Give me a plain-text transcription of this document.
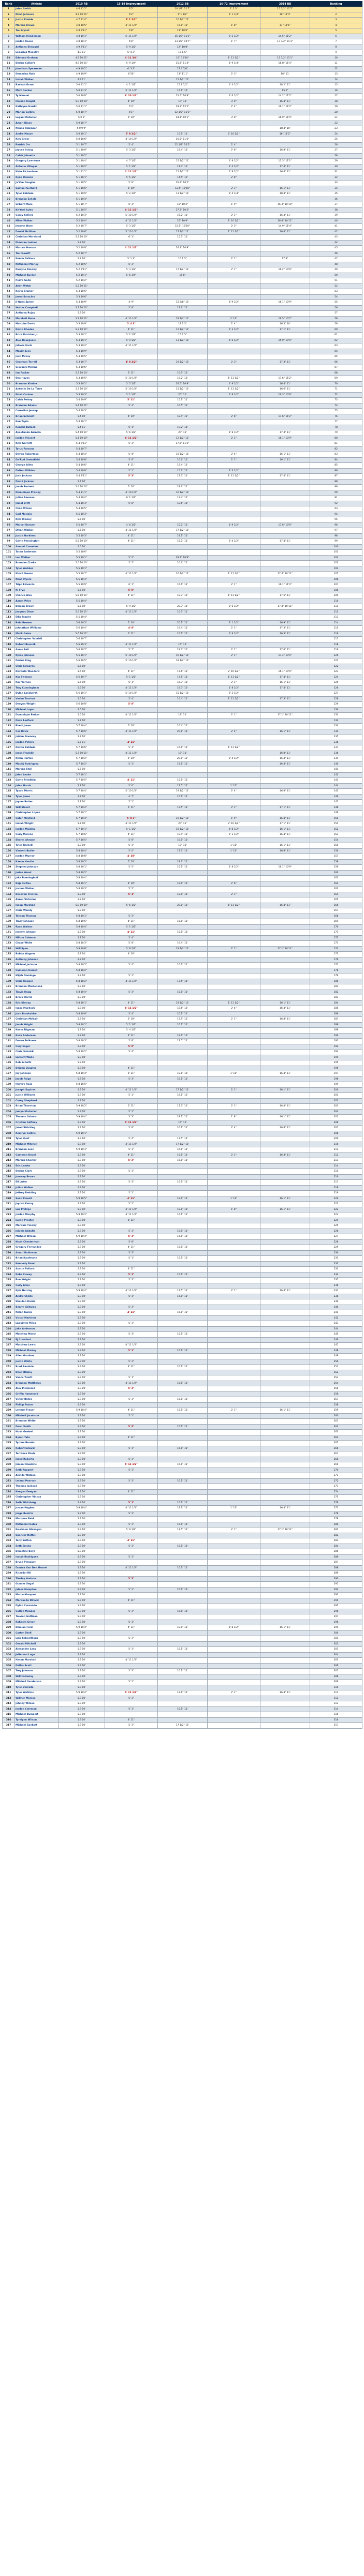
Rank	Athlete	2010 RB	15-19 Improvement	2012 BB	16-72 Improvement	2014 BB	Ranking
1	Jalen Smith	4.6 11'2"	6'5"	10 1/2" 11'7"	1' 2 3"	15 1/2" 11'7"	1
2	Noah Johnson	4.7 10'11"	6'2"	1' 1 1/2"	1' 1 1/4"	16" 11'4"	2
3	Justin Kimble	4.7 11'4"	6' 1 1/2"	10 1/2" 11'			3
4	Marcus Brown	4.8 10'5"	4' 11 1/2"	15.1" 11'	1' 8"	17" 11'1"	4
5	Tre Bryant	4.8 9'11"	5'8"	13" 10'9"			5
6	William Henderson	4.8 10'1"	5' 11 1/2"	15 1/2" 11'1"	2' 2 1/2"	14.5" 11'2"	6
7	Jordan Reese	4.8 10'3"	6'4"	13 1/2" 10'7"	1' 7"	17 1/2" 11'3"	7
8	Anthony Shepard	4.9 9'11"	5' 9 1/2"	12" 10'8"			8
9	Legarius Moseley	4.9 11'	5' 4 3"	17 1.5"			9
10	Edmund Graham	4.9 10'11"	4' 11 3/4"	16" 10'10"	1' 11 1/2"	15 1/2" 11'1"	10
11	Darius Colbert	4.9 10'11"	5' 9 1/4"	15.5" 11'4"	1' 9 1/4"	16.8" 11'4"	11
12	Jonathan Spearman	4.9 10'2"	6' 3 3"	17 6 7/8"			12
13	Demarius Ruiz	4.9 10'9"	6'10"	13" 11'1"	2' 3"	16" 11'	13
14	Isaiah Walker	4.9 11'		11 1/2" 11'			14
15	Rashad Grant	5.0 11'1"	4' 1 1/2"	15 8 1/2"	1' 4 1/2"	18.2" 11'	15
16	Matt Decker	5.0 11'3"	5' 11 1/2"	15.1" 11'		15.1"	16
17	Ty Manuel	5.0 10'8"	6' 10 1/2"	15.5" 10'8"	1' 6 1/2"	14.2" 11'2"	17
18	Hassan Knight	5.0 10'10"	4' 10"	10" 11'	3' 0"	16.4" 11'	18
19	Kathlyne Hardin	5.0 11'1"	5'3"	19.2" 12'2"	2' 4"	16.1" 11'2"	19
20	Marlon Collins	5.0 10'7"	6'1"	12 1/2" 11'1"			20
21	Logan Mcdaniel	5.0 9'	5' 10"	18.1" 10'1"	3' 0"	16.9" 11'9"	21
22	Amari Dixon	5.0 10'7"					22
23	Nenna Robinson	5.0 9'9"				18.4" 10'	23
24	Andre Mason	5.0 10'1"	5' 9 1/2"	16.1" 11'	2' 10 1/2"	16" 11'2"	24
25	Kirk Greer	5.0 10'6"	4' 10 1/2"	16.5" 11'5"			25
26	Patrick Orr	5.1 10'7"	5' 4"	12 1/2" 10'5"	2' 4"		26
27	Jaycee Irving	5.1 10'0"	5' 3 1/2"	18.4" 11'	2' 6"	16.8" 11'	27
28	Caleb Johnette	5.1 10'2"					28
29	Gregory Lawrence	5.1 10'4"	4' 7 1/2"	15 1/2" 11'	1' 9 1/2"	15.3" 11'1"	29
30	Antonio Villegas	5.1 10'2"	5' 1 1/2"	11.4" 11'	1' 4 1/2"	17.4" 11'	30
31	Nate Richardson	5.1 11'1"	4' 11 1/2"	11 1/2" 11'	1' 9 1/2"	16.4" 11'	31
32	Ryan Daniels	5.1 10'1"	5' 5 1/2"	14.5" 11'	2' 8"		32
33	Ja'Von Douglas	5.1 10'5"	5' 9"	16.2" 10'2"			33
34	Samuel Gerhard	5.1 10'6"	5' 10"	12.5" 10'10"	2' 1"	16.1" 11'	34
35	Tyler Baldwin	5.1 10'9"	5' 2 1/4"	13 1/2" 11'	2' 4 1/4"	18.4" 11'	35
36	Brandon Echols	5.1 10'4"					36
37	Gilbert Mace	5.1 10'7"	6' 1"	16" 10'2"	1' 9"	15.3" 10'10"	37
38	Ke'Yoal Lyles	5.1 10'5"	4' 11 1/2"	17.2" 10'2"			38
39	Corey Sellers	5.2 10'3"	5' 10 1/2"	16.2" 11'	2' 1"	16.4" 11'	39
40	Miles Walker	5.2 10'4"	4' 11 1/2"	16" 10'9"	1' 10 1/2"	16.8" 10'11"	40
41	Jerome Ware	5.2 10'7"	5' 3 1/2"	15.5" 10'10"	2' 3"	14.9" 11'4"	41
42	Daniel McGlinn	5.2 10'6"	5' 10 1/2"	17 1/2" 11'	1' 11 1/2"	16.8" 11'	42
43	Christian Moreland	5.2 10'10"	6' 1"	15.5" 11'			43
44	Dimarae Ledner	5.2 10'					44
45	Marcus Hanson	5.2 10'8"	4' 11 1/2"	16.3" 10'9"			45
46	Tre Prewitt	5.2 10'7"					46
47	Kenon DeVaux	5.2 10'	5' 1 3"	16 1.5"	2' 1"	17.9"	47
48	Nathaniel Morley	5.2 10'5"	6' 3"				48
49	Dwayne Kinsley	5.2 9'11"	5' 3 1/2"	17 1/2" 11'	2' 1"	16.2" 10'9"	49
50	Michael Burden	5.2 10'1"	5' 6 3/4"	15 8"			50
51	Pedro Gallo	5.2 10'2"					51
52	Allen Webb	5.2 10'11"					52
53	Kevin Cramer	5.3 10'6"					53
54	Jared Saracino	5.3 10'6"					54
55	Ji'Ques Spiron	5.3 10'9"	4' 9"	15 5/8" 11'	1' 9 1/2"	16.1" 10'9"	55
56	Walter Campbell	5.3 10'10"	5' 8"	17.6" 11'			56
57	Anthony Rojas	5.3 10'					57
58	Marshall Nunn	5.3 10'11"	4' 11 1/2"	18 1/2" 11'	2' 11"	16.5" 10'7"	58
59	Malcolm Davis	5.3 10'9"	5' 4 3"	18 2.5"	2' 4"	16.5" 10'	59
60	Devin Rhodes	5.3 10'11"	4' 11"	12 1/2" 11'	2' 3 1/2"	17.1" 11'	60
61	Brice Pratcher Jr.	5.3 10'1"	5' 1 1/2"	15 2.5"			61
62	Alex Bourgeois	5.3 10'1"	5' 9 1/2"	13 1/2" 11'	1' 6 1/2"	15.9" 10'4"	62
63	Jatavis Earls	5.3 10'4"	4' 11 1/2"				63
64	Maxim Ives	5.3 10'9"					64
65	Josh Mccoy	5.3 10'5"					65
66	Chatman Terrell	5.3 10'7"	4' 8 1/2"	18 1/2" 11'	2' 3"	17.3" 11'	66
67	Giovanni Merino	5.3 10'6"					67
68	Ian Packer	5.3 10'10"	5' 11"	16.5" 11'			68
69	Dax Hayes	5.3 10'5"	5' 10 1/2"	18.2" 11'	1' 11 1/2"	17.6" 11'2"	69
70	Brandon Kimble	5.3 10'1"	5' 5 1/2"	16.5" 10'9"	1' 9 1/2"	16.4" 11'	70
71	Antonio De La Torre	5.3 10'10"	5' 10 1/2"	15 1/2" 11'	1' 11 1/2"	16.6" 11'	71
72	Noah Carlson	5.3 10'3"	5' 1 1/2"	20" 11'	1' 8 1/2"	16.3" 10'9"	72
73	Caleb Fettey	5.4 10'9"	5' 11"	15.1" 11'			73
74	Brandon Adams	5.4 10'11"	5' 3"	16.5" 11'			74
75	Cornelius Jessup	5.4 10'3"					75
76	Brian Schmidt	5.4 10'	4' 10"	18.4" 11'	2' 6"	17.6" 11'2"	76
77	Ken Tapia	5.4 10'1"					77
78	Ronald Bullock	5.4 11'	6' 1"	19.2" 11'			78
79	Ayoutunde Akinola	5.4 10'11"	5' 6 1/2"	20" 11'	1' 8 1/2"	17.4" 11'	79
80	Jordan Vincent	5.4 10'10"	4' 11 1/2"	12 1/2" 11'	2' 1"	16.1" 10'9"	80
81	Kyle Garrett	5.4 9'11"	5' 3"	17.5" 11'2"			81
82	Tyrus Parsons	5.4 10'7"					82
83	Devon Robertson	5.4 10'4"	5' 4"	18 1/2" 11'	2' 4"	16.1" 11'	83
84	Da'Rod Greenfield	5.4 10'8"	5' 6"	16.6" 11'	2' 1"	16.1" 11'	84
85	George Allen	5.4 10'6"	4' 11"	19.4" 11'			85
86	Dalton Wilkins	5.4 10'8"	5' 1"	15.2" 11'	2' 3 1/2"		86
87	Josh Jackson	5.4 9'11"	5' 3"	17.5" 11'	1' 11 1/2"	17.4" 11'	87
88	David Jackson	5.4 10'					88
89	Jacob Rockett	5.4 10'10"	5' 10"	18.6" 11'			89
90	Dominique Presley	5.4 11'1"	4' 10 1/2"	16 1/2" 11'			90
91	Julian Ramson	5.4 10'4"	6' 1 1/2"	12.4" 11'			91
92	Jamal Britt	5.4 10'3"	5' 8"	18.6" 11'			92
93	Chad Wilson	5.4 10'5"					93
94	Carl Mcclain	5.5 10'3"					94
95	Kyle Wesley	5.5 10'					95
96	Marcel Dorsey	5.5 10'7"	4' 8 1/2"	15.2" 11'	1' 9 1/2"	17.6" 10'9"	96
97	Ethan Walker	5.5 10'	4' 11 1/2"	17 1/2" 11'			97
98	Justin Harkless	5.5 10'3"	4' 11"	18.1" 11'			98
99	Gavin Pennington	5.5 10'10"	4' 11"	18.2" 11'	2' 4 1/2"	17.4" 11'	99
100	Amauri Cummins	5.5 10'					100
101	Taten Anderson	5.5 10'6"					101
102	Leo Walker	5.5 10'1"	5' 2"	18.1" 10'8"			102
103	Brenden Clarke	5.5 10'10"	5' 5"	16.6" 11'			103
104	Tyler Webber	5.5 10'1"					104
105	Khalil Owens	5.5 10'7"	4' 11 1/2"	16 1/2" 11'	1' 11 1/2"	17.4" 10'11"	105
106	Noah Myers	5.5 10'3"					106
107	Tripp Edwards	5.5 10'9"	6' 1"	16.6" 11'	2' 1"	16.1" 11'4"	107
108	RJ Frye	5.5 10'	5' 8"				108
109	Chance Alex	5.5 10'11"	4' 11"	18.7" 11'	1' 11 1/2"	17.6" 11'	109
110	Aaron Price	5.5 10'4"					110
111	Damon Brown	5.5 10'	5' 9 1/2"	20.3" 11'	2' 6 1/2"	17.4" 10'11"	111
112	Jacques Dixon	5.5 10'11"	4' 11 1/2"	16.5" 11'			112
113	Ellis Frazier	5.5 10'4"					113
114	Reid Brewer	5.6 10'3"	5' 10"	20.1" 11'	2' 1 1/2"	16.9" 11'	114
115	Johnathon Williams	5.6 10'4"	4' 8"	19.4" 11'	2' 1"	17.3" 11'	115
116	Malik Gates	5.6 10'11"	5' 11"	16.1" 11'	1' 9 1/2"	16.3" 11'	116
117	Christopher Vaudell	5.6 10'7"					117
118	Robert Bresnik	5.6 10'3"	4' 11 1/2"	16" 11'			118
119	Amos Bell	5.6 10'7"	5' 7"	18.3" 11'	2' 1"	17.6" 11'	119
120	Kyrse Johnson	5.6 10'1"	5' 10 1/2"	16 1/2" 11'	2' 1"	17.4" 10'9"	120
121	Darius King	5.6 10'5"	5' 10 1/2"	18 1/2" 11'			121
122	Chris Edwards	5.6 10'					122
123	Devonta Woodard	5.6 10'	4' 11"	17.6" 11'	2' 10 1/2"	16.1" 10'9"	123
124	Kip Swinson	5.6 10'7"	5' 1 1/2"	17.5" 11'	1' 11 1/2"	17.4" 11'	124
125	Ray Vernon	5.6 10'	5' 1"	16.7" 11'	2' 1"	16.1" 11'	125
126	Troy Cunningham	5.6 10'	4' 11 1/2"	18.3" 11'	1' 8 1/2"	17.4" 11'	126
127	Dylan Landwirth	5.6 10'1"	5' 10 1/2"	15 1/2" 11'	2' 3 1/2"		127
128	Vaden Trochak	5.6 10'	5' 4"	16.4" 11'	1' 11 1/2"	17.3" 11'	128
129	Deeyon Wright	5.6 10'8"	5' 8"				129
130	Michael Lopez	5.6 10'					130
131	Dominique Parker	5.6 10'	4' 11 1/2"	18" 11'	2' 1"	17.1" 10'11"	131
132	Dave Ledford	5.7 10'					132
133	Rhett Jones	5.7 10'4"	5' 10"	16.4" 11'			133
134	Cor Davis	5.7 10'6"	4' 11 1/2"	20.1" 11'	2' 4"	16.1" 11'	134
135	Jaiden Premroy	5.7 10'					135
136	Jordan Peters	5.7 11'	4' 11"				136
137	Devon Baldwin	5.7 10'6"	5' 3"	16.1" 11'	1' 11 1/2"		137
138	Jaron Franklin	5.7 10'11"	4' 11 1/2"	18" 11'		16.8" 11'	138
139	Kylan Horton	5.7 10'2"	5' 10"	20.1" 11'	2' 4 1/2"	16.4" 11'	139
140	Maciej Rodriguez	5.7 10'2"	5' 1"	18.1" 11'		16.4" 11'	140
141	Marcus Stoll	5.7 10'					141
142	Jalen Leake	5.7 10'1"					142
143	Gavin Friedlein	5.7 10'5"	4' 11"	16.1" 11'			143
144	Jalen Harris	5.7 10'	5' 6"	17.5" 11'	1' 11"		144
145	Tyson Morris	5.7 10'4"	5' 10 1/2"	19 1/2" 11'	2' 4"	16.8" 11'	145
146	Tyler Jones	5.7 10'	4' 7"	16.1" 11'			146
147	Jaylen Ruiter	5.7 10'	5' 1"				147
148	Will Street	5.7 10'4"	5' 11"	17.5" 11'	2' 1"	17.1" 11'	148
149	Christopher Lopez	5.7 10'1"					149
150	Cater Mayfield	5.7 10'4"	5' 8 3"	16 1/2" 11'	1' 9"	16.4" 11'	150
151	Isaiah Wright	5.7 10'	4' 11 1/2"	20" 11'	2' 10 1/2"	17.1" 11'	151
152	Jordan Maiden	5.7 10'1"	5' 1 1/2"	18 1/2" 11'	1' 8 1/2"	16.1" 11'	152
153	Cody Moreno	5.7 10'6"	4' 11"	19.4" 11'	2' 1 1/2"	16.4" 11'	153
154	Shone Johnson	5.7 10'5"	5' 8"	16.1" 11'			154
155	Tyler Trichell	5.8 10'	5' 3"	18" 11'	1' 11"	16.1" 11'	155
156	Vincent Butler	5.8 10'4"	5' 0"	17.5" 11'	1' 11"	16.8" 11'	156
157	Jordan Murray	5.8 10'8"	4' 10"				157
158	Kaeon Hardin	5.8 10'2"	5' 10"	18.7" 11'			158
159	Stephen Johnson	5.8 10'1"	5' 5"	16.1" 11'	1' 8 1/2"	16.1" 10'9"	159
160	Jaden Wood	5.8 10'2"					160
161	Jake Boeninghoff	5.8 10'4"					161
162	Kaje Coffee	5.8 10'1"	4' 10"	18.6" 11'	2' 6"		162
163	Joshua Walker	5.8 10'3"	5' 2"				163
164	Decovan Trevino	5.8 10'	5' 1"	18.1" 11'	2' 1"		164
165	Aaron Victorino	5.8 10'					165
166	Jason Marshall	5.8 10'10"	5' 6 1/2"	20.1" 11'	1' 11 1/2"	16.4" 11'	166
167	Chris Wendy	5.8 10'					167
168	Tahsan Thomas	5.8 10'1"	5' 3"				168
169	Tracy Johnson	5.8 10'5"	4' 11"	16.1" 11'			169
170	Ryan Walton	5.8 10'4"	5' 1 1/2"				170
171	Jeremy Johnson	5.8 10'	4' 11"	18.1" 11'			171
172	Milton Coleman	5.8 10'	5' 4"				172
173	Chase White	5.8 10'3"	5' 8"	19.4" 11'			173
174	Will Ryan	5.8 10'8"	5' 8 1/2"	18 1/2" 11'	2' 1"	17.1" 10'11"	174
175	Bobby Wagner	5.8 10'	4' 10"				175
176	Anthony Johnson	5.8 10'					176
177	Michael Jackson	5.8 10'5"	5' 4"	16.1" 11'			177
178	Cameron Harrell	5.8 10'2"					178
179	Elijah Domingo	5.8 10'	5' 1"				179
180	Chris Hooper	5.8 10'2"	4' 11 1/2"	17.5" 11'			180
181	Brenden Maidenoak	5.8 10'					181
182	Travis Hogg	5.8 10'4"	5' 3"	16.1" 11'			182
183	Brock Harris	5.8 10'					183
184	Eric Kimray	5.8 10'1"	4' 11"	18 1/2" 11'	1' 11 1/2"	16.1" 11'	184
185	Isaac Murdock	5.8 10'	4' 11 1/2"	18.6" 11'	2' 4"	16.4" 11'	185
186	Josh Brookshire	5.8 10'9"	5' 4"	16.1" 11'			186
187	Christian McNair	5.8 10'	5' 10"	17.5" 11'	2' 1"	16.8" 11'	187
188	Jacob Wright	5.8 10'1"	5' 1 1/2"	16.1" 11'			188
189	Kevin Trigman	5.8 10'	5' 4 1/2"				189
190	Evan Anderson	5.8 10'	4' 11"	18.1" 11'			190
191	Deven Folkness	5.8 10'3"	5' 8"	17.5" 11'			191
192	Cory Eager	5.8 10'	5' 0"				192
193	Chris Sakalski	5.8 10'2"	5' 4"				193
194	Lamont Wade	5.8 10'					194
195	Rob Schultz	5.8 10'					195
196	Dejuan Vaughn	5.8 10'	4' 11"				196
197	Jay Johnson	5.8 10'4"	5' 11"	18.1" 11'	1' 11"	16.4" 11'	197
198	Jacob Paige	5.8 10'	5' 3"	16.1" 11'			198
199	Harvey Ross	5.8 10'5"					199
200	Joseph Squires	5.9 10'	4' 11 1/2"	17 1/2" 11'	2' 1"	16.1" 11'	200
201	Justin Williams	5.9 10'	5' 1"	18.1" 11'			201
202	Corey Shepherd	5.9 10'					202
203	Brian Thornton	5.9 10'2"	5' 11"	17.5" 11'	2' 1"	16.4" 11'	203
204	Jaelyn Mcdaniel	5.9 10'	5' 1"				204
205	Thomas Osburn	5.9 10'4"	5' 3"	18.1" 11'	1' 8"	16.1" 11'	205
206	Cristian Gaffney	5.9 10'	4' 11 1/2"	16" 11'			206
207	Jared Strickley	5.9 10'	5' 8"	16.1" 11'	2' 4"	16.8" 11'	207
208	Kemryn Collins	5.9 10'1"					208
209	Tyler Hunt	5.9 10'	5' 4"	17.5" 11'			209
210	Michael Mitchell	5.9 10'	4' 11 1/2"	17 1/2" 11'			210
211	Brandon Leon	5.9 10'3"	5' 1"	16.1" 11'			211
212	Cameron Kovel	5.9 10'	4' 11"	16.1" 11'	2' 1"	16.4" 11'	212
213	Marcus Shoctor	5.9 10'	5' 3"	16.1" 11'			213
214	Eric Lemke	5.9 10'					214
215	Darius Clark	5.9 10'	5' 1"				215
216	Journey Brown	5.9 10'					216
217	Eli Luker	5.9 10'	5' 3"	16.1" 11'			217
218	Julius Walker	5.9 10'					218
219	Jeffrey Redding	5.9 10'	5' 1"				219
220	Sean Powell	5.9 10'5"	4' 11"	18.1" 11'	1' 11"	16.1" 11'	220
221	Jaycob Kenny	5.9 10'	5' 1"				221
222	Luc Phillips	5.9 10'	4' 11 1/2"	18.1" 11'	1' 8"	16.1" 11'	222
223	Jordan Murphy	5.9 10'2"	4' 11 1/2"	16.1" 11'			223
224	Justin Prester	5.9 10'	5' 11"				224
225	Marquis Tinsley	5.9 10'					225
226	Jaiveis Abdulla	5.9 10'	5' 1"	16.1" 11'			226
227	Michael Wilson	5.9 10'4"	5' 3"	16.1" 11'			227
228	Noah Chesterman	5.9 10'	5' 8"				228
229	Gregory Fernandez	5.9 10'	4' 11"	16.1" 11'			229
230	Amari Robinson	5.9 10'	5' 3"				230
231	Brian Kaufmann	5.9 10'	5' 1"	16.1" 11'			231
232	Kennedy Emel	5.9 10'					232
233	Austin Pollard	5.9 10'	4' 11"				233
234	Kobe Cowey	5.9 10'	5' 1"	16.1" 11'			234
235	Ron Wright	5.9 10'	5' 3"				235
236	Cody Allen	5.9 10'					236
237	Kyle Herring	5.9 10'4"	4' 11 1/2"	17.5" 11'	2' 1"	16.4" 11'	237
238	Andre Childs	5.9 10'	5' 1"	16.1" 11'			238
239	Sheldon Harris	5.9 10'					239
240	Benny Chitaroo	5.9 10'	5' 3"				240
241	Nolan Kwiek	5.9 10'	4' 11"	16.1" 11'			241
242	Victor Martinez	5.9 10'					242
243	Laquintin Miles	5.9 10'	5' 1"				243
244	Jake Anderson	5.9 10'					244
245	Matthew Marsh	5.9 10'	5' 3"	16.1" 11'			245
246	Ej Crawford	5.9 10'					246
247	Matthew Lewis	5.9 10'	4' 11 1/2"				247
248	Michael Murray	5.9 10'	5' 1"	16.1" 11'			248
249	Allen Gardner	5.9 10'					249
250	Justin White	5.9 10'	5' 3"				250
251	Brad Baudoin	5.9 10'	4' 11"	16.1" 11'			251
252	Deon Blakey	5.9 10'					252
253	Vance Yulett	5.9 10'	5' 1"				253
254	Brandon Matthews	5.9 10'	4' 11 1/2"	16.1" 11'			254
255	Alex Mcdonald	5.9 10'	5' 3"				255
256	Griffin Hammond	5.9 10'					256
257	Victor Bates	5.9 10'	5' 1"	16.1" 11'			257
258	Phillip Foster	5.9 10'					258
259	Lemuel Fraser	5.9 10'4"	4' 11"	18.1" 11'	2' 1"	16.1" 11'	259
260	Mitchell Jacobson	5.9 10'	5' 1"				260
261	Brandon White	5.9 10'					261
262	Dean Smith	5.9 10'	5' 3"	16.1" 11'			262
263	Noah Goebel	5.9 10'					263
264	Byron Tate	5.9 10'	4' 11"				264
265	Tyrone Brooks	5.9 10'					265
266	Robert Eckard	5.9 10'	5' 1"	16.1" 11'			266
267	Terrance Davis	5.9 10'					267
268	Jared Roberts	5.9 10'	5' 3"				268
269	Jamaal Hawkins	5.9 10'	4' 11 1/2"	16.1" 11'			269
270	Seth Ruppert	5.9 10'	5' 1"				270
271	Ayinde Watson	5.9 10'					271
272	Leland Pearson	5.9 10'	5' 3"	16.1" 11'			272
273	Thomas Jackson	5.9 10'					273
274	Keegan Deegan	5.9 10'	4' 11"				274
275	Christopher Vinzoa	5.9 10'					275
276	Seth Wirtzberg	5.9 10'	5' 1"	16.1" 11'			276
277	Juwan Hughes	5.9 10'4"	4' 11 1/2"	18.1" 11'	1' 11"	16.4" 11'	277
278	Jorge Beatriz	5.9 10'	5' 3"				278
279	Marques Reid	5.9 10'					279
280	Nathaniel Gates	5.9 10'	5' 1"	16.1" 11'			280
281	Ke-shaun Glanagan	5.9 10'	5' 8 1/2"	17.5" 11'	2' 1"	17.1" 10'11"	281
282	Spencer Noftel	5.9 10'					282
283	Tony Sutton	5.9 10'	4' 11"				283
284	Seth Emcko	5.9 10'	5' 3"	16.1" 11'			284
285	Demetric Boyd	5.9 10'					285
286	Isaiah Rodriguez	5.9 10'	5' 1"				286
287	Bryce Pleasant	5.9 10'					287
288	Dontea Van Den Heuvel	5.9 10'	4' 11 1/2"	16.1" 11'			288
289	Ricardo Hill	5.9 10'					289
290	Tinsley Hudson	5.9 10'	5' 3"				290
291	Gunner Segal	5.9 10'					291
292	Jalese Hampton	5.9 10'	5' 1"	16.1" 11'			292
293	Marco Marques	5.9 10'					293
294	Marquello Dillard	5.9 10'	4' 11"				294
295	Dylan Coronado	5.9 10'					295
296	Colton Meador	5.9 10'	5' 3"	16.1" 11'			296
297	Trevion Gattison	5.9 10'					297
298	Raheem Green	5.9 10'	5' 1"				298
299	Damian Ford	5.9 10'4"	4' 11"	18.1" 11'	1' 8 1/2"	16.1" 11'	299
300	Carter Shell	5.9 10'					300
301	Luig Schoellhorn	5.9 10'	5' 3"				301
302	Gerald Mitchell	5.9 10'					302
303	Alexander Lara	5.9 10'	5' 1"	16.1" 11'			303
304	Jefferson Lugo	5.9 10'					304
305	Hasan Marshall	5.9 10'	4' 11 1/2"				305
306	Dallas Scott	5.9 10'					306
307	Trey Johnson	5.9 10'	5' 3"	16.1" 11'			307
308	Will Callaway	5.9 10'					308
309	Mitchell Sanderson	5.9 10'	5' 1"				309
310	Tyler Verrado	5.9 10'					310
311	Tyler Watkins	5.9 10'4"	4' 11 1/2"	18.1" 11'	2' 1"	16.4" 11'	311
312	Wilmer Marcos	5.9 10'	5' 3"				312
313	Johnny Wilson	5.9 10'					313
314	Jordan Coleman	5.9 10'	5' 1"	16.1" 11'			314
315	Michael Bumpert	5.9 10'					315
316	Tyrelynn Wilson	5.9 10'	4' 11"				316
317	Michael Ganhoff	5.9 10'	5' 3"	17 1/2" 11'			317
